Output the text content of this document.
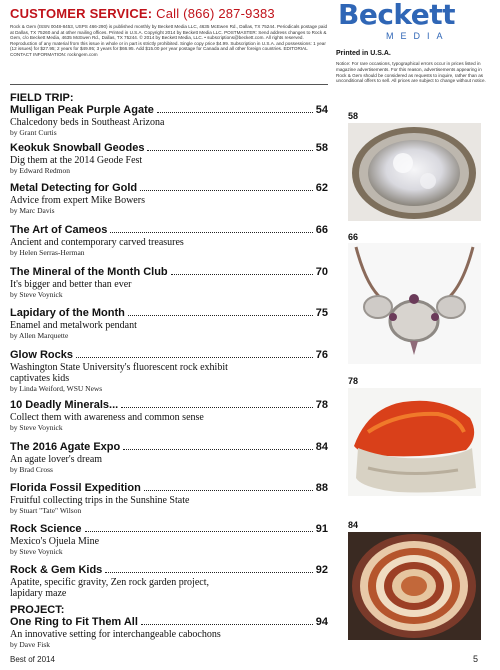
CUSTOMER SERVICE: Call (866) 287-9383
Rock & Gem (ISSN 0048-8453, USPS 466-290) is published monthly by Beckett Media LLC, 4635 McEwen Rd., Dallas, TX 75244. Periodicals postage paid at Dallas, TX 75260 and at other mailing offices. Printed in U.S.A. Copyright 2014 by Beckett Media LLC. POSTMASTER: Send address changes to Rock & Gem, c/o Beckett Media, 4635 McEwen Rd., Dallas, TX 75244. © 2014 by Beckett Media, LLC. • subscriptions@beckett.com. All rights reserved. Reproduction of any material from this issue in whole or in part is strictly prohibited. Single copy price $4.99. Subscription in U.S.A. and possessions: 1 year (12 issues) for $27.95; 2 years for $49.95; 3 years for $66.95. Add $15.00 per year postage for Canada and all other foreign countries. EDITORIAL CONTACT INFORMATION: rockngem.com
Beckett
MEDIA
Printed in U.S.A.
Notice: For rare occasions, typographical errors occur in prices listed in magazine advertisements. For this reason, advertisements appearing in Rock & Gem should be considered as requests to inquire, rather than as unconditional offers to sell. All prices are subject to change without notice.
FIELD TRIP:
Mulligan Peak Purple Agate	54
Chalcedony beds in Southeast Arizona
by Grant Curtis
Keokuk Snowball Geodes	58
Dig them at the 2014 Geode Fest
by Edward Redmon
Metal Detecting for Gold	62
Advice from expert Mike Bowers
by Marc Davis
The Art of Cameos	66
Ancient and contemporary carved treasures
by Helen Serras-Herman
The Mineral of the Month Club	70
It's bigger and better than ever
by Steve Voynick
Lapidary of the Month	75
Enamel and metalwork pendant
by Allen Marquette
Glow Rocks	76
Washington State University's fluorescent rock exhibit
captivates kids
by Linda Weiford, WSU News
10 Deadly Minerals...	78
Collect them with awareness and common sense
by Steve Voynick
The 2016 Agate Expo	84
An agate lover's dream
by Brad Cross
Florida Fossil Expedition	88
Fruitful collecting trips in the Sunshine State
by Stuart "Tate" Wilson
Rock Science	91
Mexico's Ojuela Mine
by Steve Voynick
Rock & Gem Kids	92
Apatite, specific gravity, Zen rock garden project,
lapidary maze
PROJECT:
One Ring to Fit Them All	94
An innovative setting for interchangeable cabochons
by Dave Fisk
58
66
78
84
Best of 2014	5
